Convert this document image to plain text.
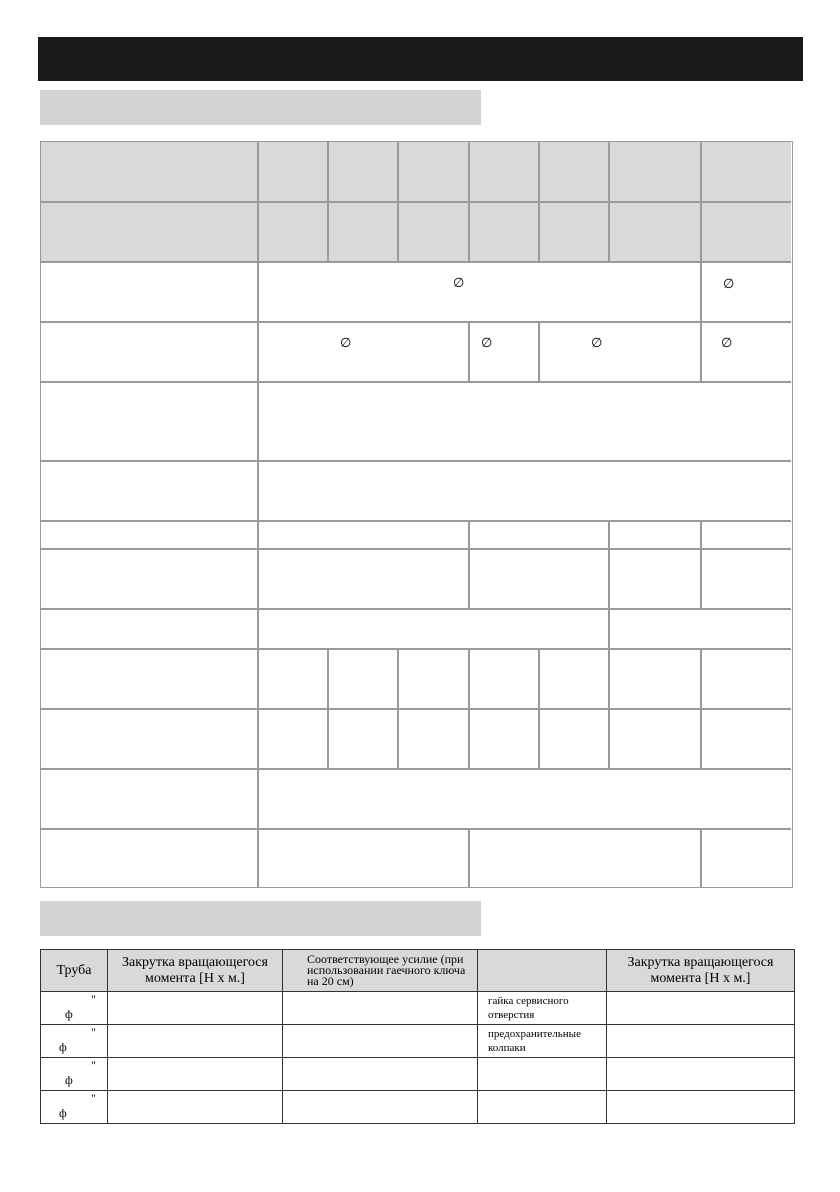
∅	∅
∅	∅	∅	∅
Труба	Закрутка вращающегося момента [Н х м.]	Соответствующее усилие (при использовании гаечного ключа на 20 см)		Закрутка вращающегося момента [Н х м.]

ф
"			гайка сервисного отверстия	

ф
"			предохранительные колпаки	

ф
"				

ф
"				
